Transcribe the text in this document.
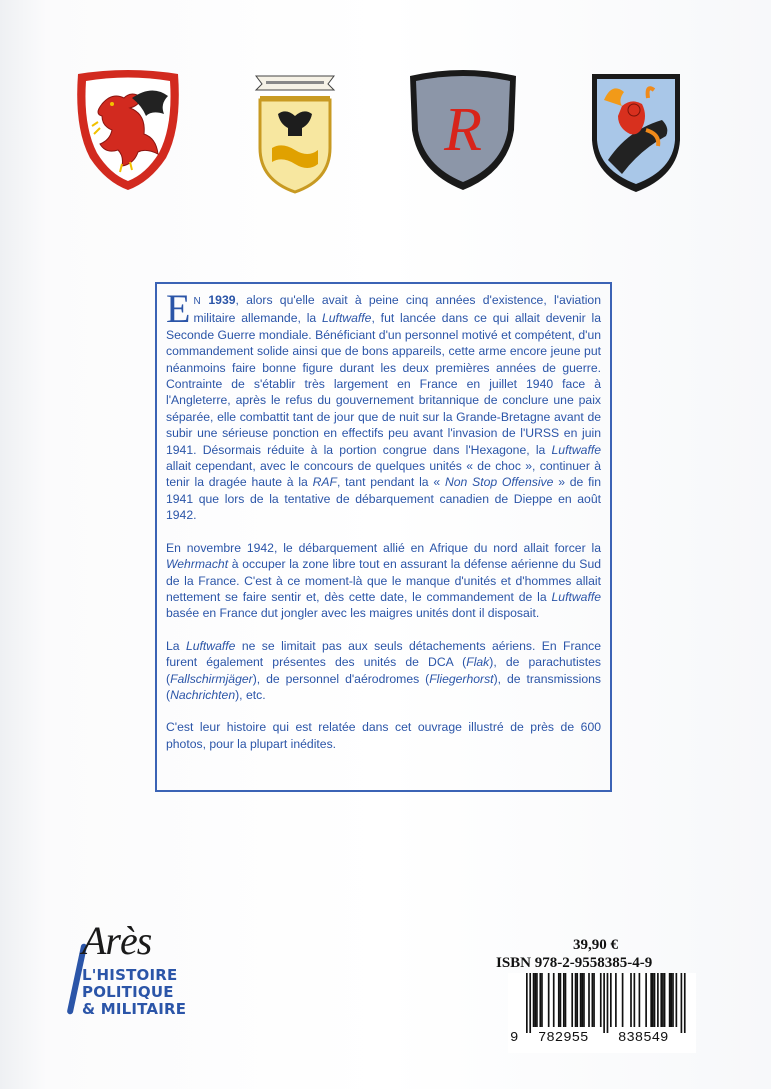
R

E N 1939, alors qu'elle avait à peine cinq années d'existence, l'aviation militaire allemande, la Luftwaffe, fut lancée dans ce qui allait devenir la Seconde Guerre mondiale. Bénéficiant d'un personnel motivé et compétent, d'un commandement solide ainsi que de bons appareils, cette arme encore jeune put néanmoins faire bonne figure durant les deux premières années de guerre. Contrainte de s'établir très largement en France en juillet 1940 face à l'Angleterre, après le refus du gouvernement britannique de conclure une paix séparée, elle combattit tant de jour que de nuit sur la Grande-Bretagne avant de subir une sérieuse ponction en effectifs peu avant l'invasion de l'URSS en juin 1941. Désormais réduite à la portion congrue dans l'Hexagone, la Luftwaffe allait cependant, avec le concours de quelques unités « de choc », continuer à tenir la dragée haute à la RAF, tant pendant la « Non Stop Offensive » de fin 1941 que lors de la tentative de débarquement canadien de Dieppe en août 1942.

En novembre 1942, le débarquement allié en Afrique du nord allait forcer la Wehrmacht à occuper la zone libre tout en assurant la défense aérienne du Sud de la France. C'est à ce moment-là que le manque d'unités et d'hommes allait nettement se faire sentir et, dès cette date, le commandement de la Luftwaffe basée en France dut jongler avec les maigres unités dont il disposait.

La Luftwaffe ne se limitait pas aux seuls détachements aériens. En France furent également présentes des unités de DCA (Flak), de parachutistes (Fallschirmjäger), de personnel d'aérodromes (Fliegerhorst), de transmissions (Nachrichten), etc.

C'est leur histoire qui est relatée dans cet ouvrage illustré de près de 600 photos, pour la plupart inédites.

Arès
L'HISTOIRE
POLITIQUE
& MILITAIRE
39,90 €
ISBN 978-2-9558385-4-9
9 782955 838549
